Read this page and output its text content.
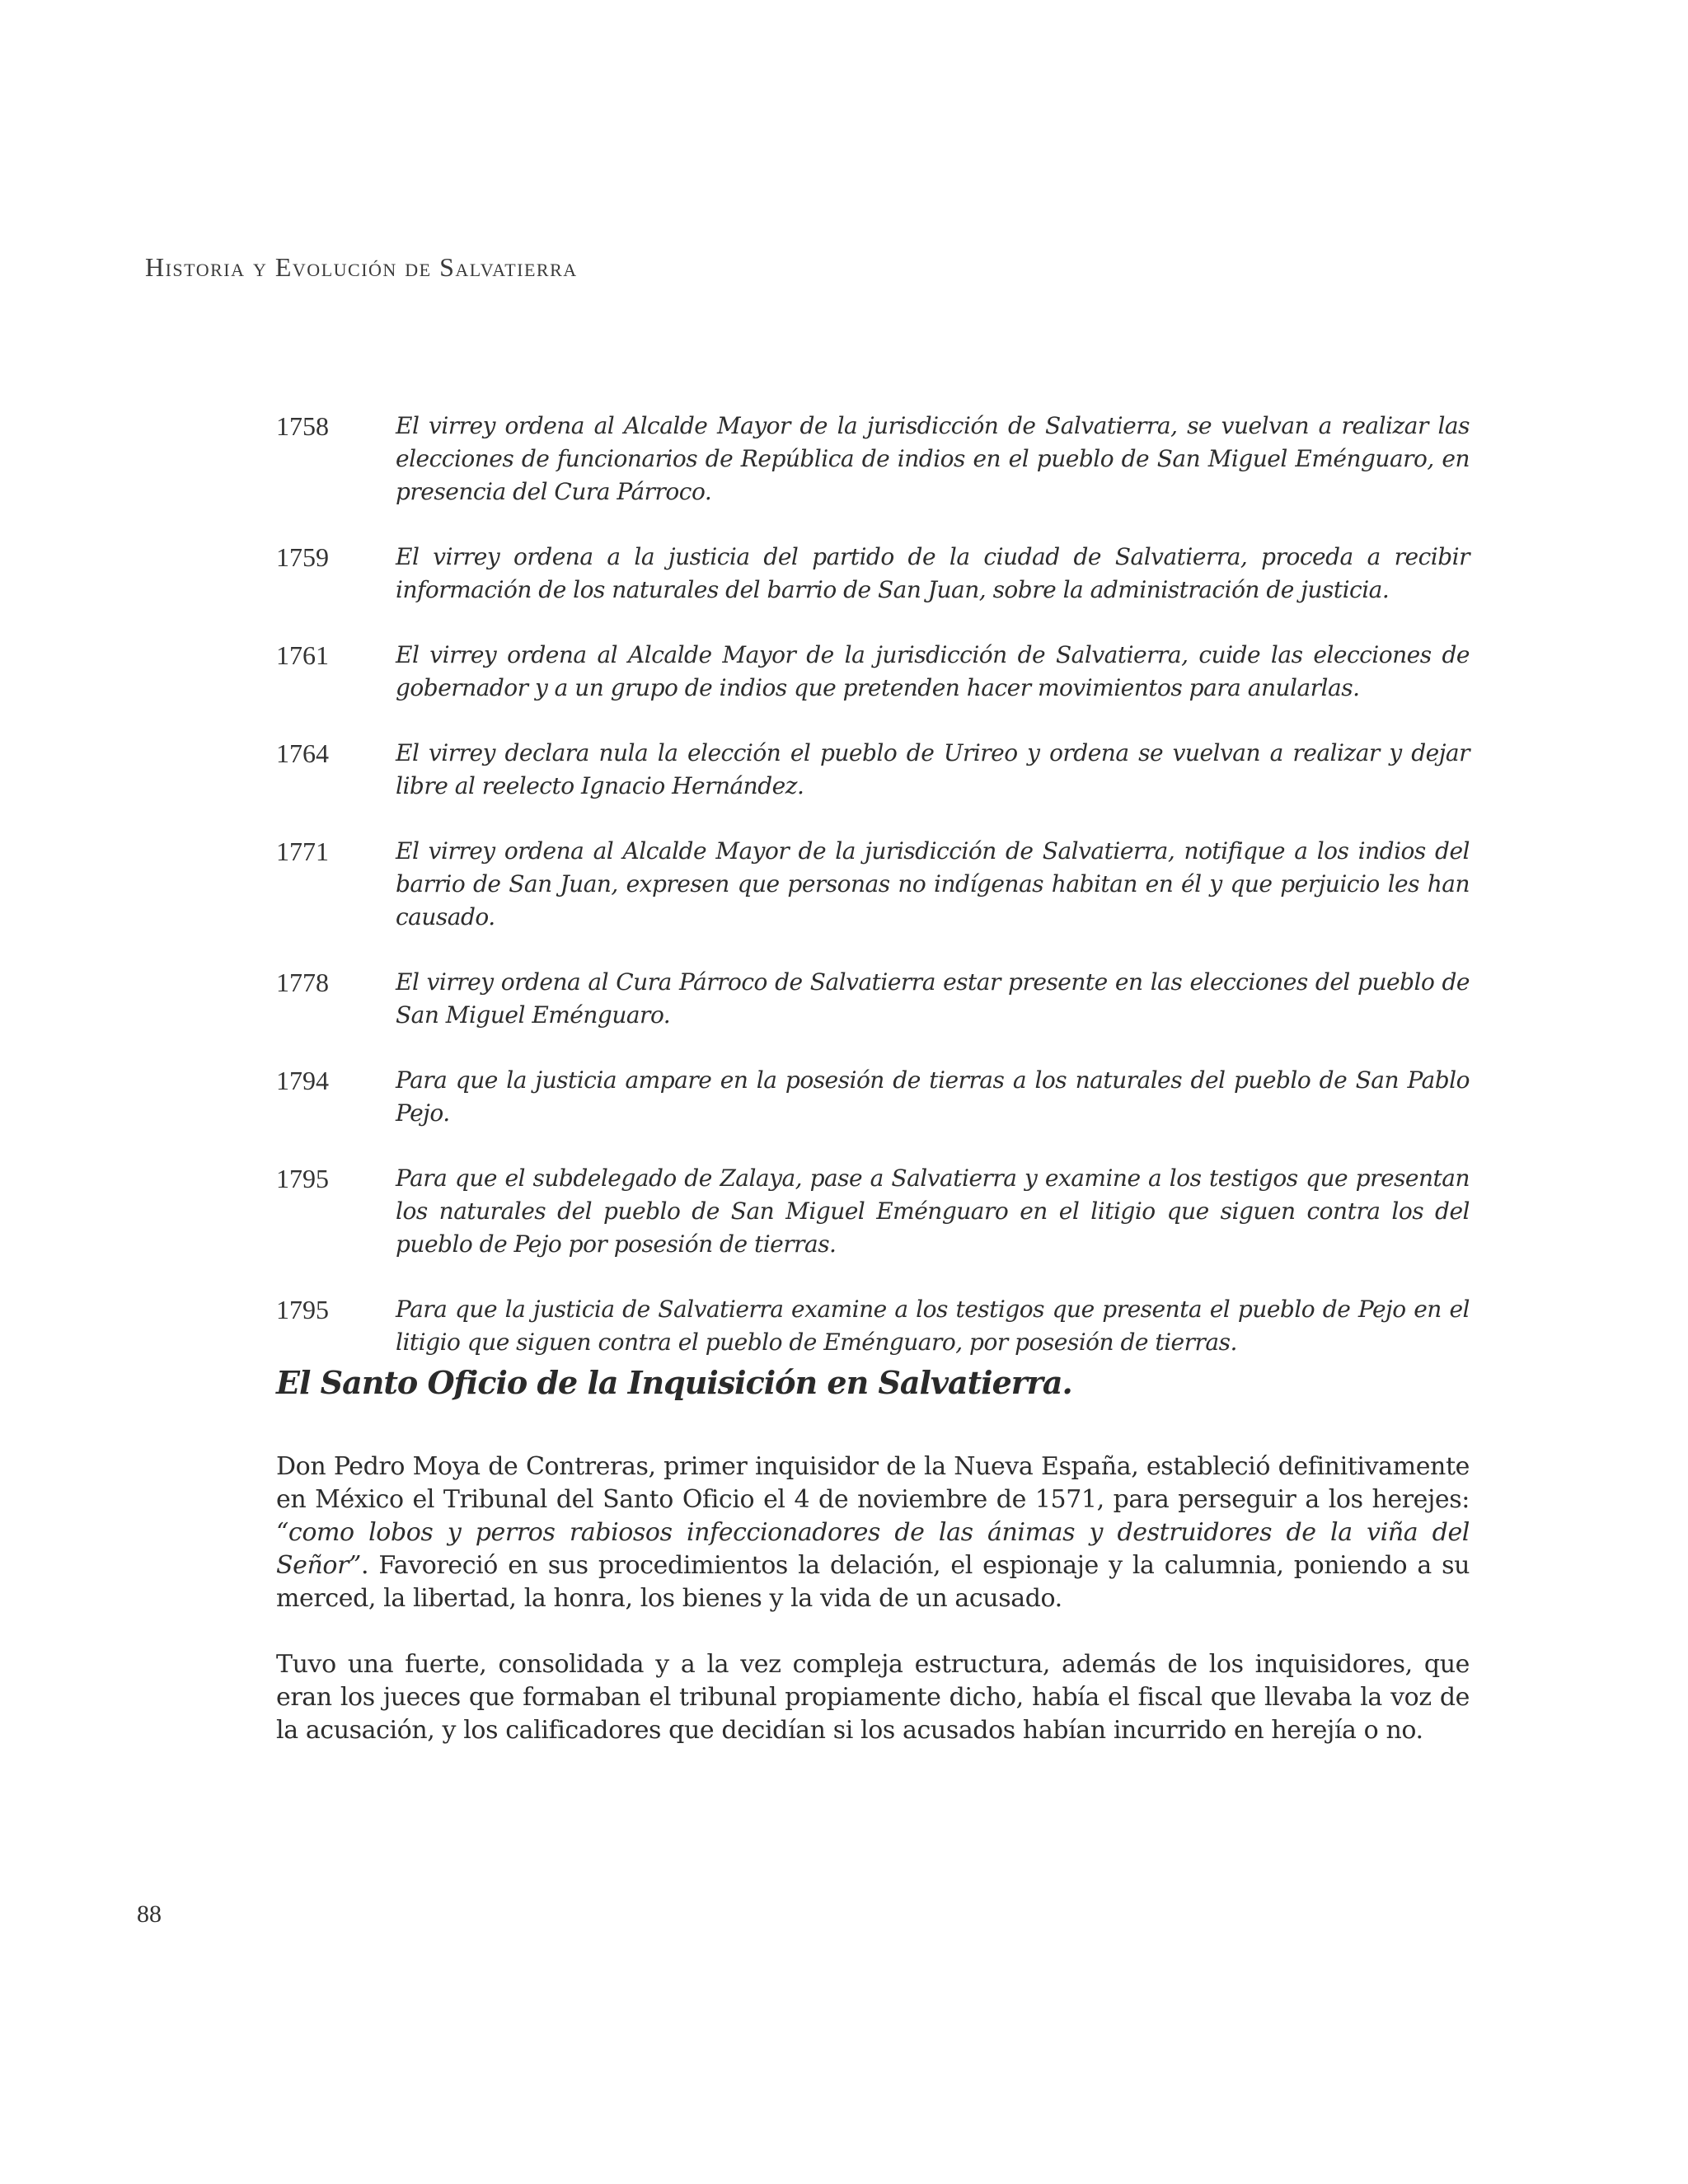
Historia y Evolución de Salvatierra
1758	El virrey ordena al Alcalde Mayor de la jurisdicción de Salvatierra, se vuelvan a realizar las elecciones de funcionarios de República de indios en el pueblo de San Miguel Eménguaro, en presencia del Cura Párroco.
1759	El virrey ordena a la justicia del partido de la ciudad de Salvatierra, proceda a recibir información de los naturales del barrio de San Juan, sobre la administración de justicia.
1761	El virrey ordena al Alcalde Mayor de la jurisdicción de Salvatierra, cuide las elecciones de gobernador y a un grupo de indios que pretenden hacer movimientos para anularlas.
1764	El virrey declara nula la elección el pueblo de Urireo y ordena se vuelvan a realizar y dejar libre al reelecto Ignacio Hernández.
1771	El virrey ordena al Alcalde Mayor de la jurisdicción de Salvatierra, notifique a los indios del barrio de San Juan, expresen que personas no indígenas habitan en él y que perjuicio les han causado.
1778	El virrey ordena al Cura Párroco de Salvatierra estar presente en las elecciones del pueblo de San Miguel Eménguaro.
1794	Para que la justicia ampare en la posesión de tierras a los naturales del pueblo de San Pablo Pejo.
1795	Para que el subdelegado de Zalaya, pase a Salvatierra y examine a los testigos que presentan los naturales del pueblo de San Miguel Eménguaro en el litigio que siguen contra los del pueblo de Pejo por posesión de tierras.
1795	Para que la justicia de Salvatierra examine a los testigos que presenta el pueblo de Pejo en el litigio que siguen contra el pueblo de Eménguaro, por posesión de tierras.
El Santo Oficio de la Inquisición en Salvatierra.

Don Pedro Moya de Contreras, primer inquisidor de la Nueva España, estableció definitivamente en México el Tribunal del Santo Oficio el 4 de noviembre de 1571, para perseguir a los herejes: “como lobos y perros rabiosos infeccionadores de las ánimas y destruidores de la viña del Señor”. Favoreció en sus procedimientos la delación, el espionaje y la calumnia, poniendo a su merced, la libertad, la honra, los bienes y la vida de un acusado.

Tuvo una fuerte, consolidada y a la vez compleja estructura, además de los inquisidores, que eran los jueces que formaban el tribunal propiamente dicho, había el fiscal que llevaba la voz de la acusación, y los calificadores que decidían si los acusados habían incurrido en herejía o no.

88
